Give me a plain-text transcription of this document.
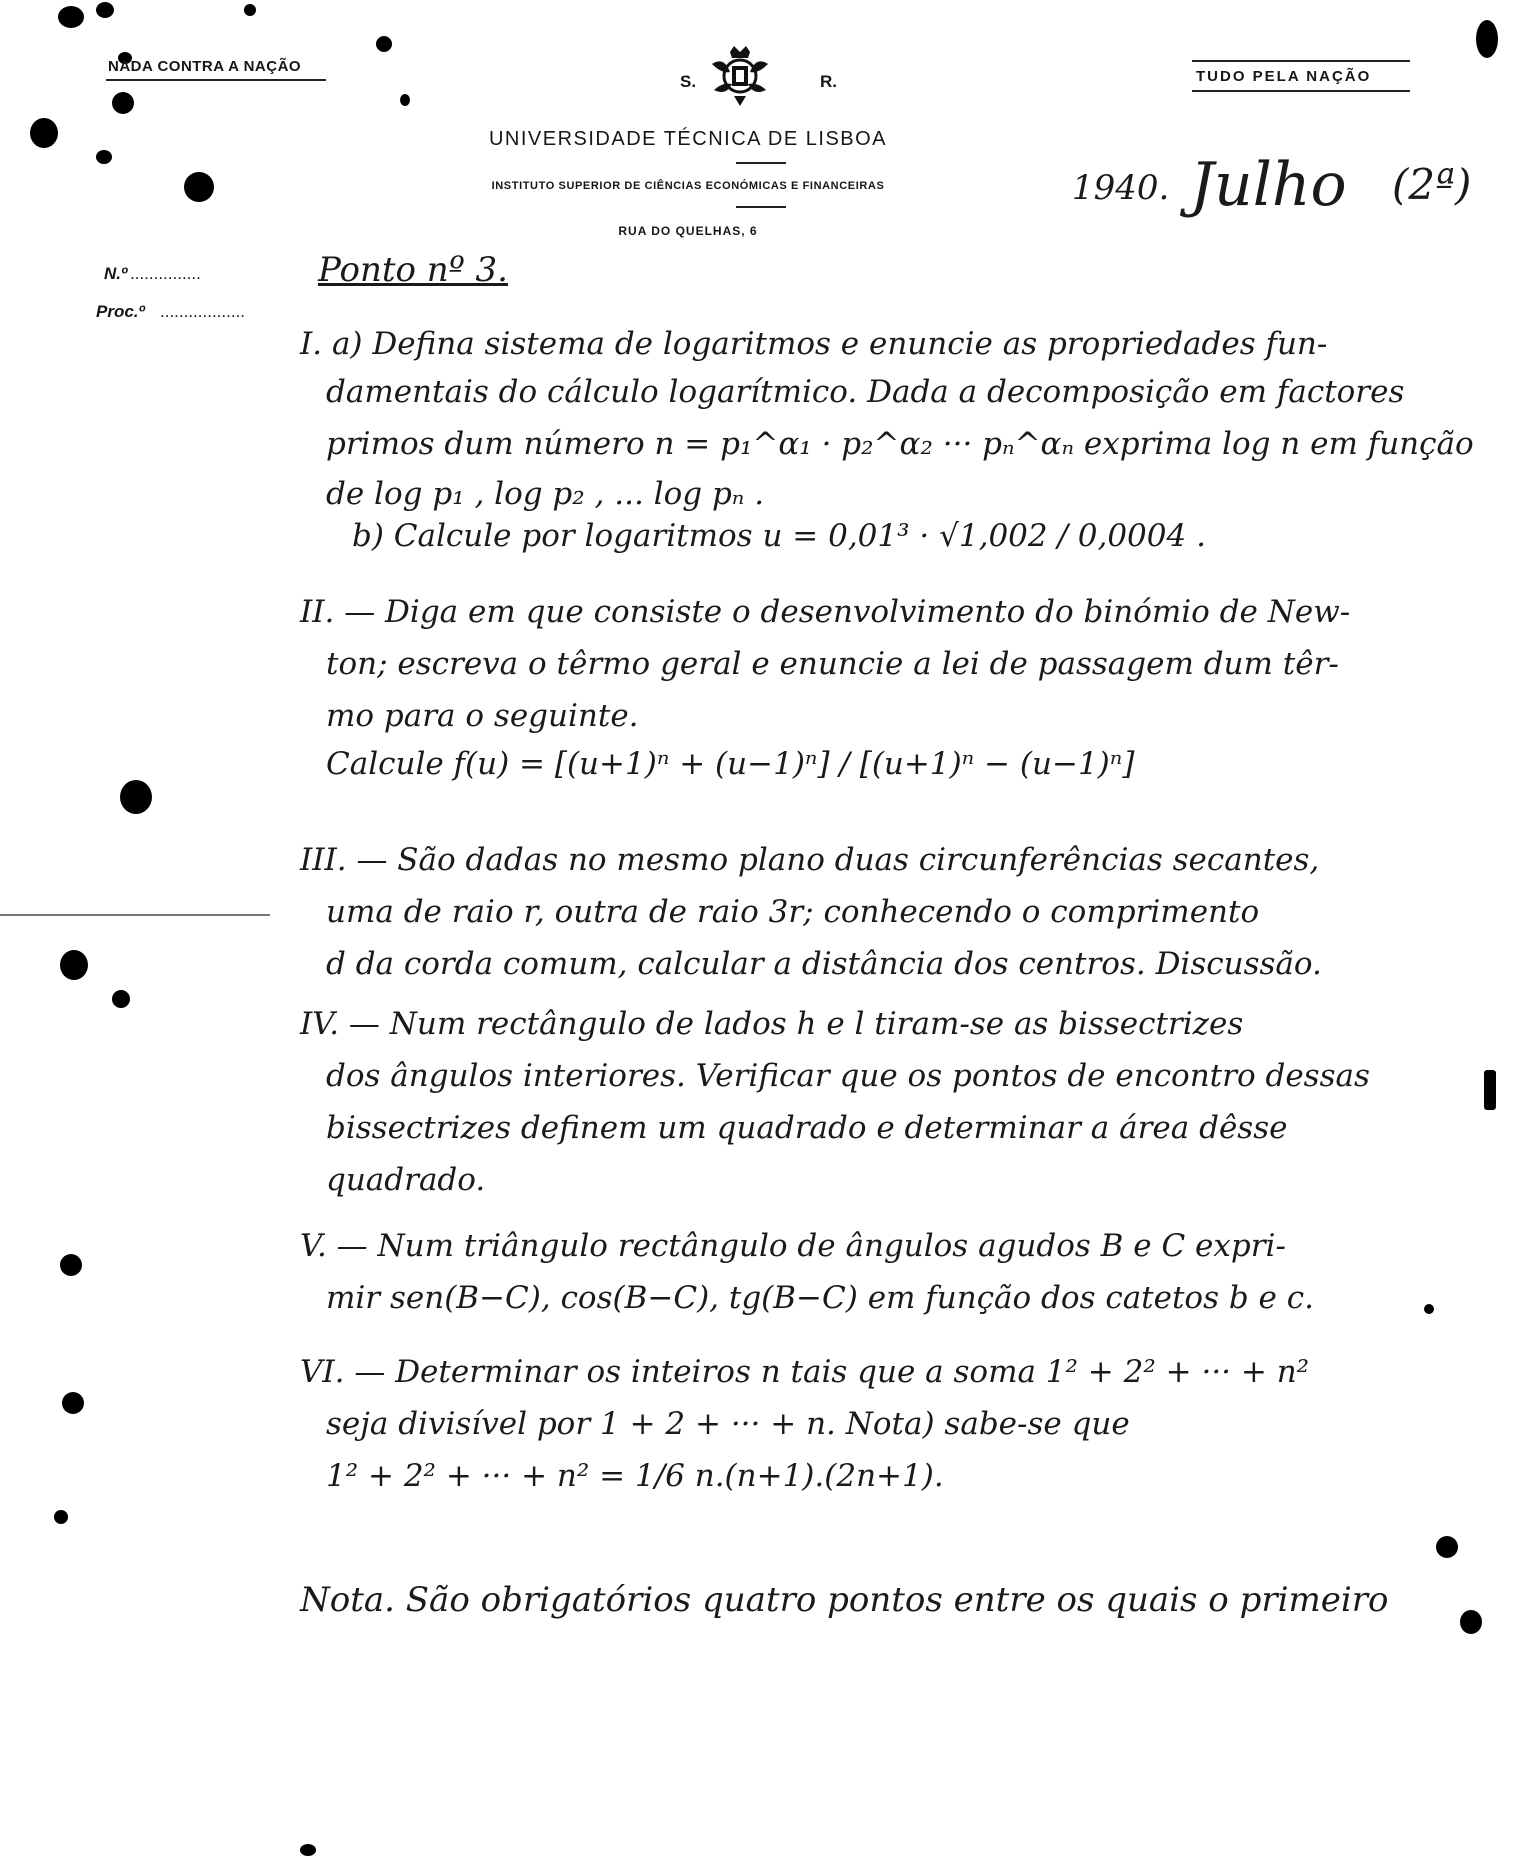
NADA CONTRA A NAÇÃO
TUDO PELA NAÇÃO
S.	R.
UNIVERSIDADE TÉCNICA DE LISBOA
INSTITUTO SUPERIOR DE CIÊNCIAS ECONÓMICAS E FINANCEIRAS
RUA DO QUELHAS, 6
1940. Julho (2ª)
N.º ...............
Proc.º ..................
Ponto nº 3.
I. a) Defina sistema de logaritmos e enuncie as propriedades fun-
damentais do cálculo logarítmico. Dada a decomposição em factores
primos dum número n = p₁^α₁ · p₂^α₂ ··· pₙ^αₙ exprima log n em função
de log p₁ , log p₂ , ... log pₙ .
b) Calcule por logaritmos u = 0,01³ · √1,002 / 0,0004 .
II. — Diga em que consiste o desenvolvimento do binómio de New-
ton; escreva o têrmo geral e enuncie a lei de passagem dum têr-
mo para o seguinte.
Calcule f(u) = [(u+1)ⁿ + (u−1)ⁿ] / [(u+1)ⁿ − (u−1)ⁿ]
III. — São dadas no mesmo plano duas circunferências secantes,
uma de raio r, outra de raio 3r; conhecendo o comprimento
d da corda comum, calcular a distância dos centros. Discussão.
IV. — Num rectângulo de lados h e l tiram-se as bissectrizes
dos ângulos interiores. Verificar que os pontos de encontro dessas
bissectrizes definem um quadrado e determinar a área dêsse
quadrado.
V. — Num triângulo rectângulo de ângulos agudos B e C expri-
mir sen(B−C), cos(B−C), tg(B−C) em função dos catetos b e c.
VI. — Determinar os inteiros n tais que a soma 1² + 2² + ··· + n²
seja divisível por 1 + 2 + ··· + n. Nota) sabe-se que
1² + 2² + ··· + n² = 1/6 n.(n+1).(2n+1).
Nota. São obrigatórios quatro pontos entre os quais o primeiro
